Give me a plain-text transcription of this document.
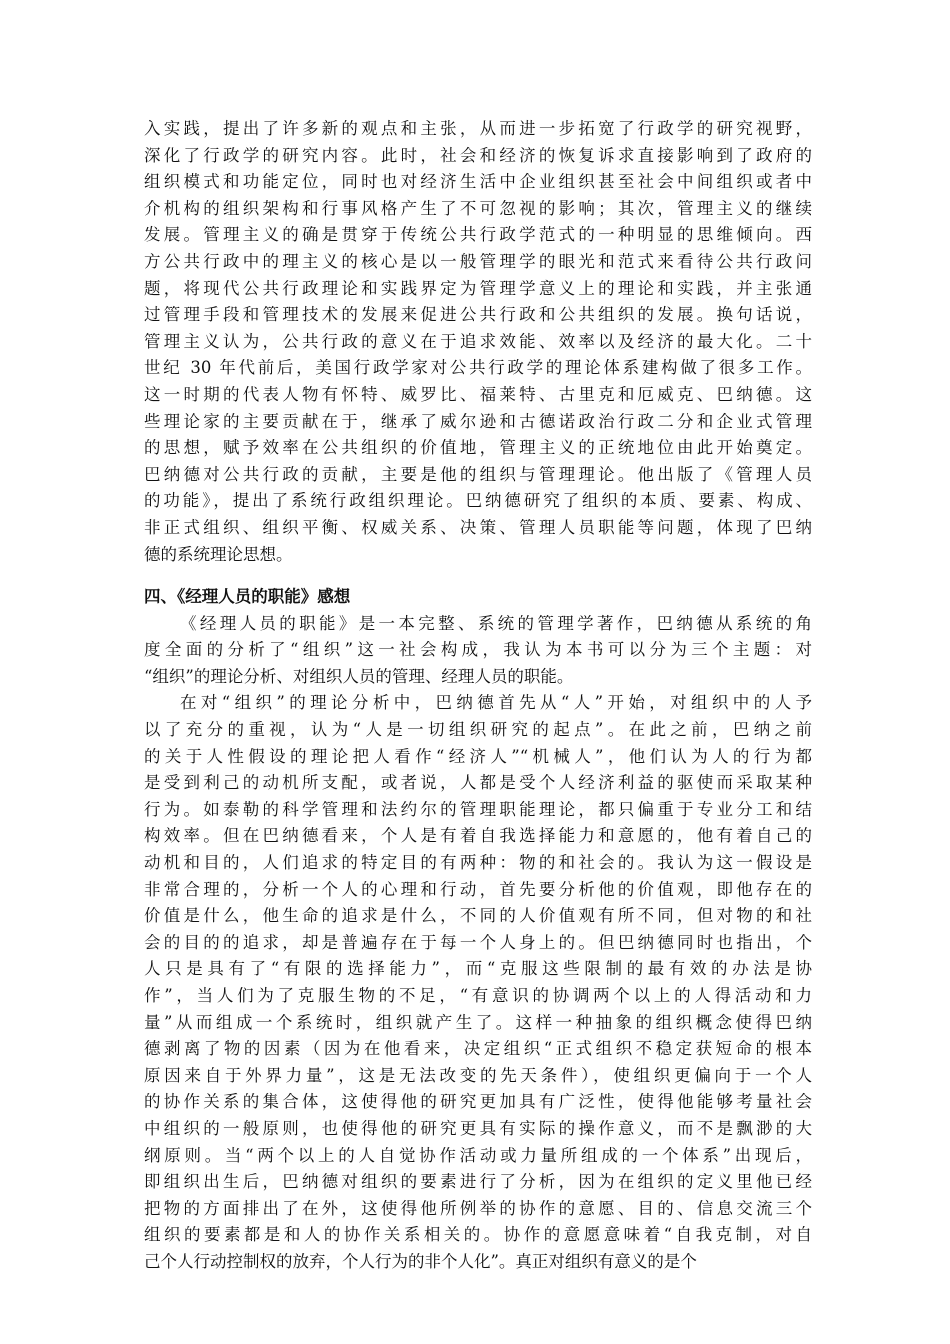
入实践，提出了许多新的观点和主张，从而进一步拓宽了行政学的研究视野，
深化了行政学的研究内容。此时，社会和经济的恢复诉求直接影响到了政府的
组织模式和功能定位，同时也对经济生活中企业组织甚至社会中间组织或者中
介机构的组织架构和行事风格产生了不可忽视的影响；其次，管理主义的继续
发展。管理主义的确是贯穿于传统公共行政学范式的一种明显的思维倾向。西
方公共行政中的理主义的核心是以一般管理学的眼光和范式来看待公共行政问
题，将现代公共行政理论和实践界定为管理学意义上的理论和实践，并主张通
过管理手段和管理技术的发展来促进公共行政和公共组织的发展。换句话说，
管理主义认为，公共行政的意义在于追求效能、效率以及经济的最大化。二十
世纪 30 年代前后，美国行政学家对公共行政学的理论体系建构做了很多工作。
这一时期的代表人物有怀特、威罗比、福莱特、古里克和厄威克、巴纳德。这
些理论家的主要贡献在于，继承了威尔逊和古德诺政治行政二分和企业式管理
的思想，赋予效率在公共组织的价值地，管理主义的正统地位由此开始奠定。
巴纳德对公共行政的贡献，主要是他的组织与管理理论。他出版了《管理人员
的功能》，提出了系统行政组织理论。巴纳德研究了组织的本质、要素、构成、
非正式组织、组织平衡、权威关系、决策、管理人员职能等问题，体现了巴纳
德的系统理论思想。
四、《经理人员的职能》感想
《经理人员的职能》是一本完整、系统的管理学著作，巴纳德从系统的角
度全面的分析了“组织”这一社会构成，我认为本书可以分为三个主题：对
“组织”的理论分析、对组织人员的管理、经理人员的职能。
在对“组织”的理论分析中，巴纳德首先从“人”开始，对组织中的人予
以了充分的重视，认为“人是一切组织研究的起点”。在此之前，巴纳之前
的关于人性假设的理论把人看作“经济人”“机械人”，他们认为人的行为都
是受到利己的动机所支配，或者说，人都是受个人经济利益的驱使而采取某种
行为。如泰勒的科学管理和法约尔的管理职能理论，都只偏重于专业分工和结
构效率。但在巴纳德看来，个人是有着自我选择能力和意愿的，他有着自己的
动机和目的，人们追求的特定目的有两种：物的和社会的。我认为这一假设是
非常合理的，分析一个人的心理和行动，首先要分析他的价值观，即他存在的
价值是什么，他生命的追求是什么，不同的人价值观有所不同，但对物的和社
会的目的的追求，却是普遍存在于每一个人身上的。但巴纳德同时也指出，个
人只是具有了“有限的选择能力”，而“克服这些限制的最有效的办法是协
作”，当人们为了克服生物的不足，“有意识的协调两个以上的人得活动和力
量”从而组成一个系统时，组织就产生了。这样一种抽象的组织概念使得巴纳
德剥离了物的因素（因为在他看来，决定组织“正式组织不稳定获短命的根本
原因来自于外界力量”，这是无法改变的先天条件），使组织更偏向于一个人
的协作关系的集合体，这使得他的研究更加具有广泛性，使得他能够考量社会
中组织的一般原则，也使得他的研究更具有实际的操作意义，而不是飘渺的大
纲原则。当“两个以上的人自觉协作活动或力量所组成的一个体系”出现后，
即组织出生后，巴纳德对组织的要素进行了分析，因为在组织的定义里他已经
把物的方面排出了在外，这使得他所例举的协作的意愿、目的、信息交流三个
组织的要素都是和人的协作关系相关的。协作的意愿意味着“自我克制，对自
己个人行动控制权的放弃，个人行为的非个人化”。真正对组织有意义的是个
